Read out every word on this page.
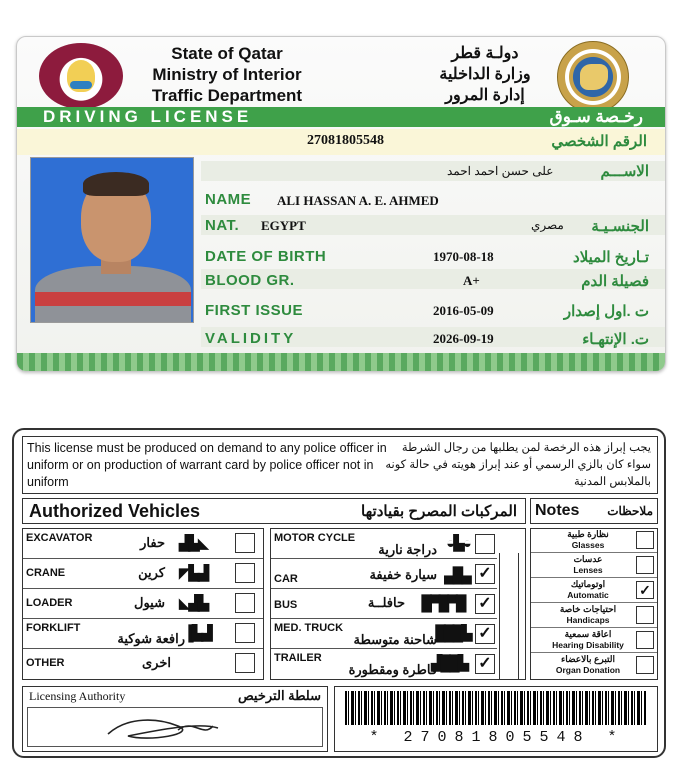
State of Qatar
Ministry of Interior
Traffic Department
دولـة قطر
وزارة الداخلية
إدارة المرور
DRIVING LICENSE	رخـصة سـوق
27081805548	الرقم الشخصي
على حسن احمد احمد	الاســـم
NAME ALI HASSAN A. E. AHMED
NAT. EGYPT	مصري الجنسـيـة
DATE OF BIRTH	1970-08-18	تـاريخ الميلاد
BLOOD GR.	A+	فصيلة الدم
FIRST ISSUE	2016-05-09	ت .اول إصدار
VALIDITY	2026-09-19	ت. الإنتهـاء
This license must be produced on demand to any police officer in uniform or on production of warrant card by police officer not in uniform
يجب إبراز هذه الرخصة لمن يطلبها من رجال الشرطة سواء كان بالزي الرسمي أو عند إبراز هويته في حالة كونه بالملابس المدنية
Authorized Vehicles	المركبات المصرح بقيادتها Notes ملاحظات
EXCAVATOR	حفار ▟▙◣
CRANE	كرين ◤▙▟
LOADER	شيول ◣▟▙
FORKLIFT
رافعة شوكية
▐▙▟
OTHER	اخرى
MOTOR CYCLE
دراجة نارية ◒▙◒
CAR	سيارة خفيفة ▄█▄ ✓
BUS	حافلــة █▀█▀█ ✓
MED. TRUCK
شاحنة متوسطة
███▙ ✓
TRAILER
قاطرة ومقطورة
▟██▙ ✓
نظارة طبية
Glasses
عدسات
Lenses
اوتوماتيك
Automatic	✓
احتياجات خاصة
Handicaps
اعاقة سمعية
Hearing Disability
التبرع بالاعضاء
Organ Donation
Licensing Authority	سلطة الترخيص
* 27081805548 *
